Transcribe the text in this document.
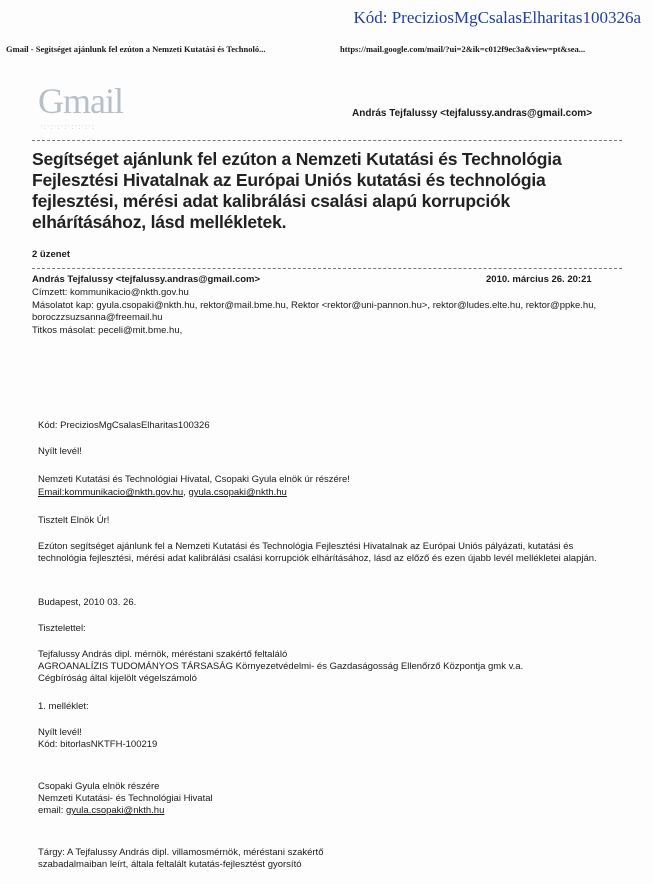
Kód: PreciziosMgCsalasElharitas100326a
Gmail - Segítséget ajánlunk fel ezúton a Nemzeti Kutatási és Technoló...	https://mail.google.com/mail/?ui=2&ik=c012f9ec3a&view=pt&sea...
Gmail
·:·:·:·:·:·:·:·:
András Tejfalussy <tejfalussy.andras@gmail.com>
Segítséget ajánlunk fel ezúton a Nemzeti Kutatási és Technológia Fejlesztési Hivatalnak az Európai Uniós kutatási és technológia fejlesztési, mérési adat kalibrálási csalási alapú korrupciók elhárításához, lásd mellékletek.
2 üzenet
András Tejfalussy <tejfalussy.andras@gmail.com>	2010. március 26. 20:21
Címzett: kommunikacio@nkth.gov.hu
Másolatot kap: gyula.csopaki@nkth.hu, rektor@mail.bme.hu, Rektor <rektor@uni-pannon.hu>, rektor@ludes.elte.hu, rektor@ppke.hu, boroczzsuzsanna@freemail.hu
Titkos másolat: peceli@mit.bme.hu,
Kód: PreciziosMgCsalasElharitas100326
Nyílt levél!
Nemzeti Kutatási és Technológiai Hivatal, Csopaki Gyula elnök úr részére!
Email:kommunikacio@nkth.gov.hu, gyula.csopaki@nkth.hu
Tisztelt Elnök Úr!
Ezúton segítséget ajánlunk fel a Nemzeti Kutatási és Technológia Fejlesztési Hivatalnak az Európai Uniós pályázati, kutatási és technológia fejlesztési, mérési adat kalibrálási csalási korrupciók elhárításához, lásd az előző és ezen újabb levél mellékletei alapján.
Budapest, 2010 03. 26.
Tisztelettel:
Tejfalussy András dipl. mérnök, méréstani szakértő feltaláló
AGROANALÍZIS TUDOMÁNYOS TÁRSASÁG Környezetvédelmi- és Gazdaságosság Ellenőrző Központja gmk v.a.
Cégbíróság által kijelölt végelszámoló
1. melléklet:
Nyílt levél!
Kód: bitorlasNKTFH-100219
Csopaki Gyula elnök részére
Nemzeti Kutatási- és Technológiai Hivatal
email: gyula.csopaki@nkth.hu
Tárgy: A Tejfalussy András dipl. villamosmérnök, méréstani szakértő
szabadalmaiban leírt, általa feltalált kutatás-fejlesztést gyorsító
